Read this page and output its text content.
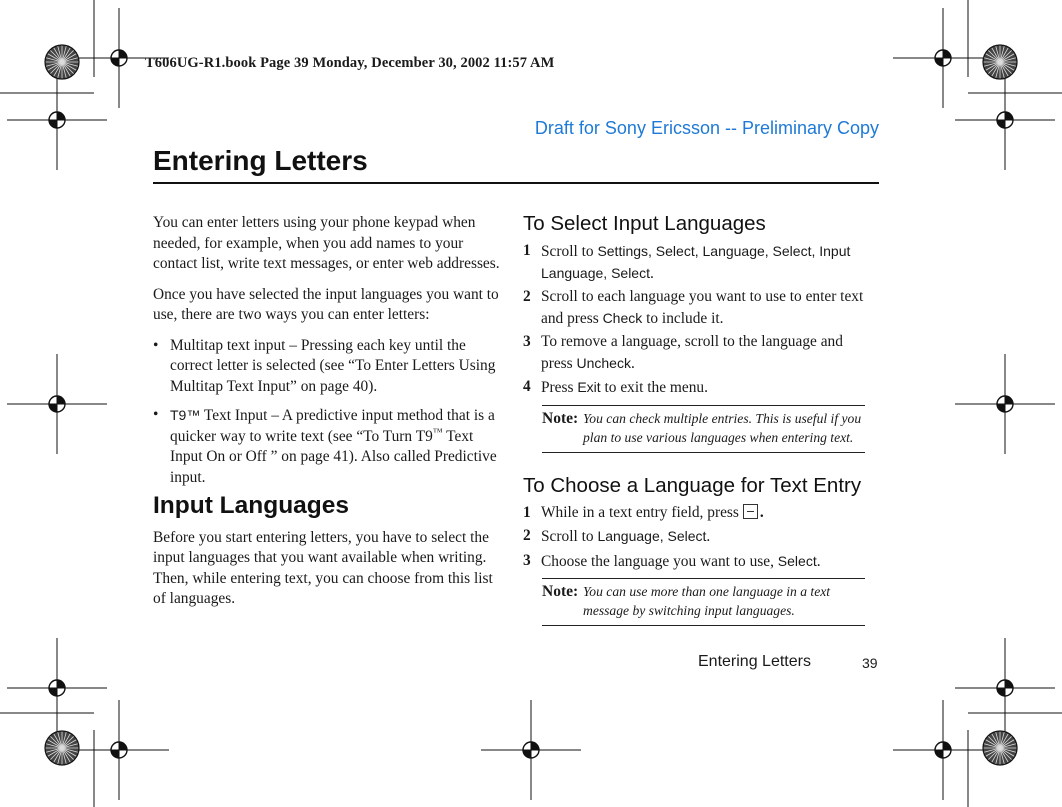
T606UG-R1.book Page 39 Monday, December 30, 2002 11:57 AM
Draft for Sony Ericsson -- Preliminary Copy
Entering Letters

You can enter letters using your phone keypad when needed, for example, when you add names to your contact list, write text messages, or enter web addresses.

Once you have selected the input languages you want to use, there are two ways you can enter letters:

• Multitap text input – Pressing each key until the correct letter is selected (see “To Enter Letters Using Multitap Text Input” on page 40).
• T9™ Text Input – A predictive input method that is a quicker way to write text (see “To Turn T9™ Text Input On or Off ” on page 41). Also called Predictive input.
Input Languages

Before you start entering letters, you have to select the input languages that you want available when writing. Then, while entering text, you can choose from this list of languages.

To Select Input Languages
1 Scroll to Settings, Select, Language, Select, Input Language, Select.
2 Scroll to each language you want to use to enter text and press Check to include it.
3 To remove a language, scroll to the language and press Uncheck.
4 Press Exit to exit the menu.
Note: You can check multiple entries. This is useful if you plan to use various languages when entering text.
To Choose a Language for Text Entry
1 While in a text entry field, press .
2 Scroll to Language, Select.
3 Choose the language you want to use, Select.
Note: You can use more than one language in a text message by switching input languages.
Entering Letters	39
